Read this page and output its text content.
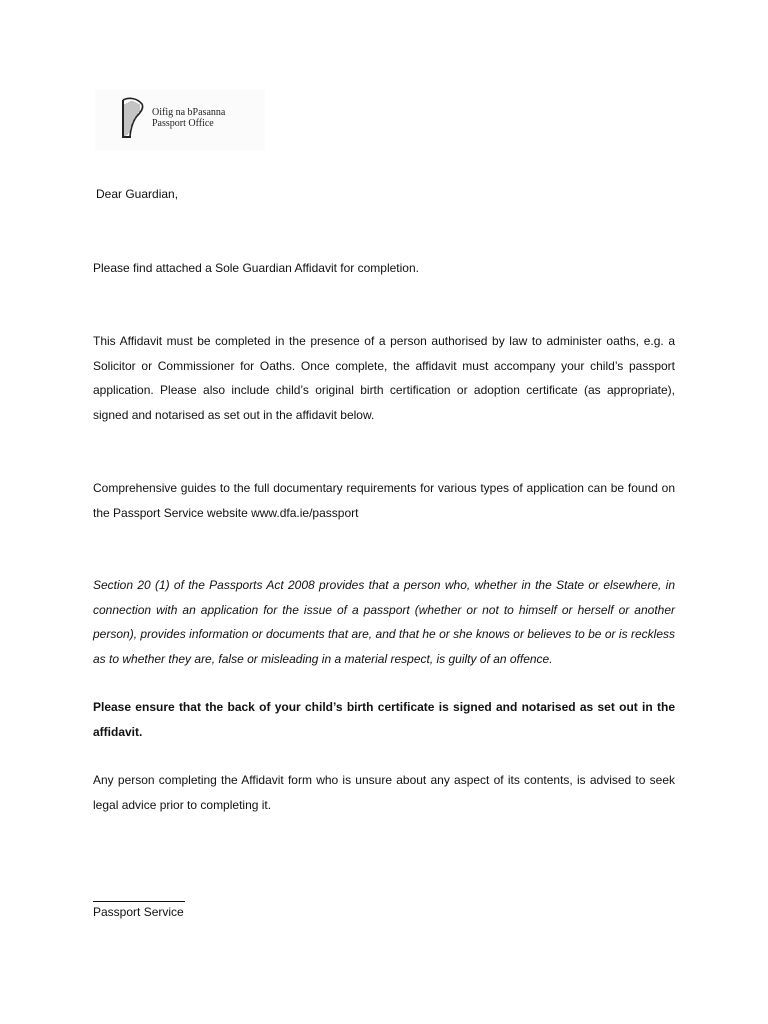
Oifig na bPasanna
Passport Office

Dear Guardian,

Please find attached a Sole Guardian Affidavit for completion.

This Affidavit must be completed in the presence of a person authorised by law to administer oaths, e.g. a Solicitor or Commissioner for Oaths. Once complete, the affidavit must accompany your child’s passport application. Please also include child’s original birth certification or adoption certificate (as appropriate), signed and notarised as set out in the affidavit below.

Comprehensive guides to the full documentary requirements for various types of application can be found on the Passport Service website www.dfa.ie/passport

Section 20 (1) of the Passports Act 2008 provides that a person who, whether in the State or elsewhere, in connection with an application for the issue of a passport (whether or not to himself or herself or another person), provides information or documents that are, and that he or she knows or believes to be or is reckless as to whether they are, false or misleading in a material respect, is guilty of an offence.

Please ensure that the back of your child’s birth certificate is signed and notarised as set out in the affidavit.

Any person completing the Affidavit form who is unsure about any aspect of its contents, is advised to seek legal advice prior to completing it.

Passport Service
